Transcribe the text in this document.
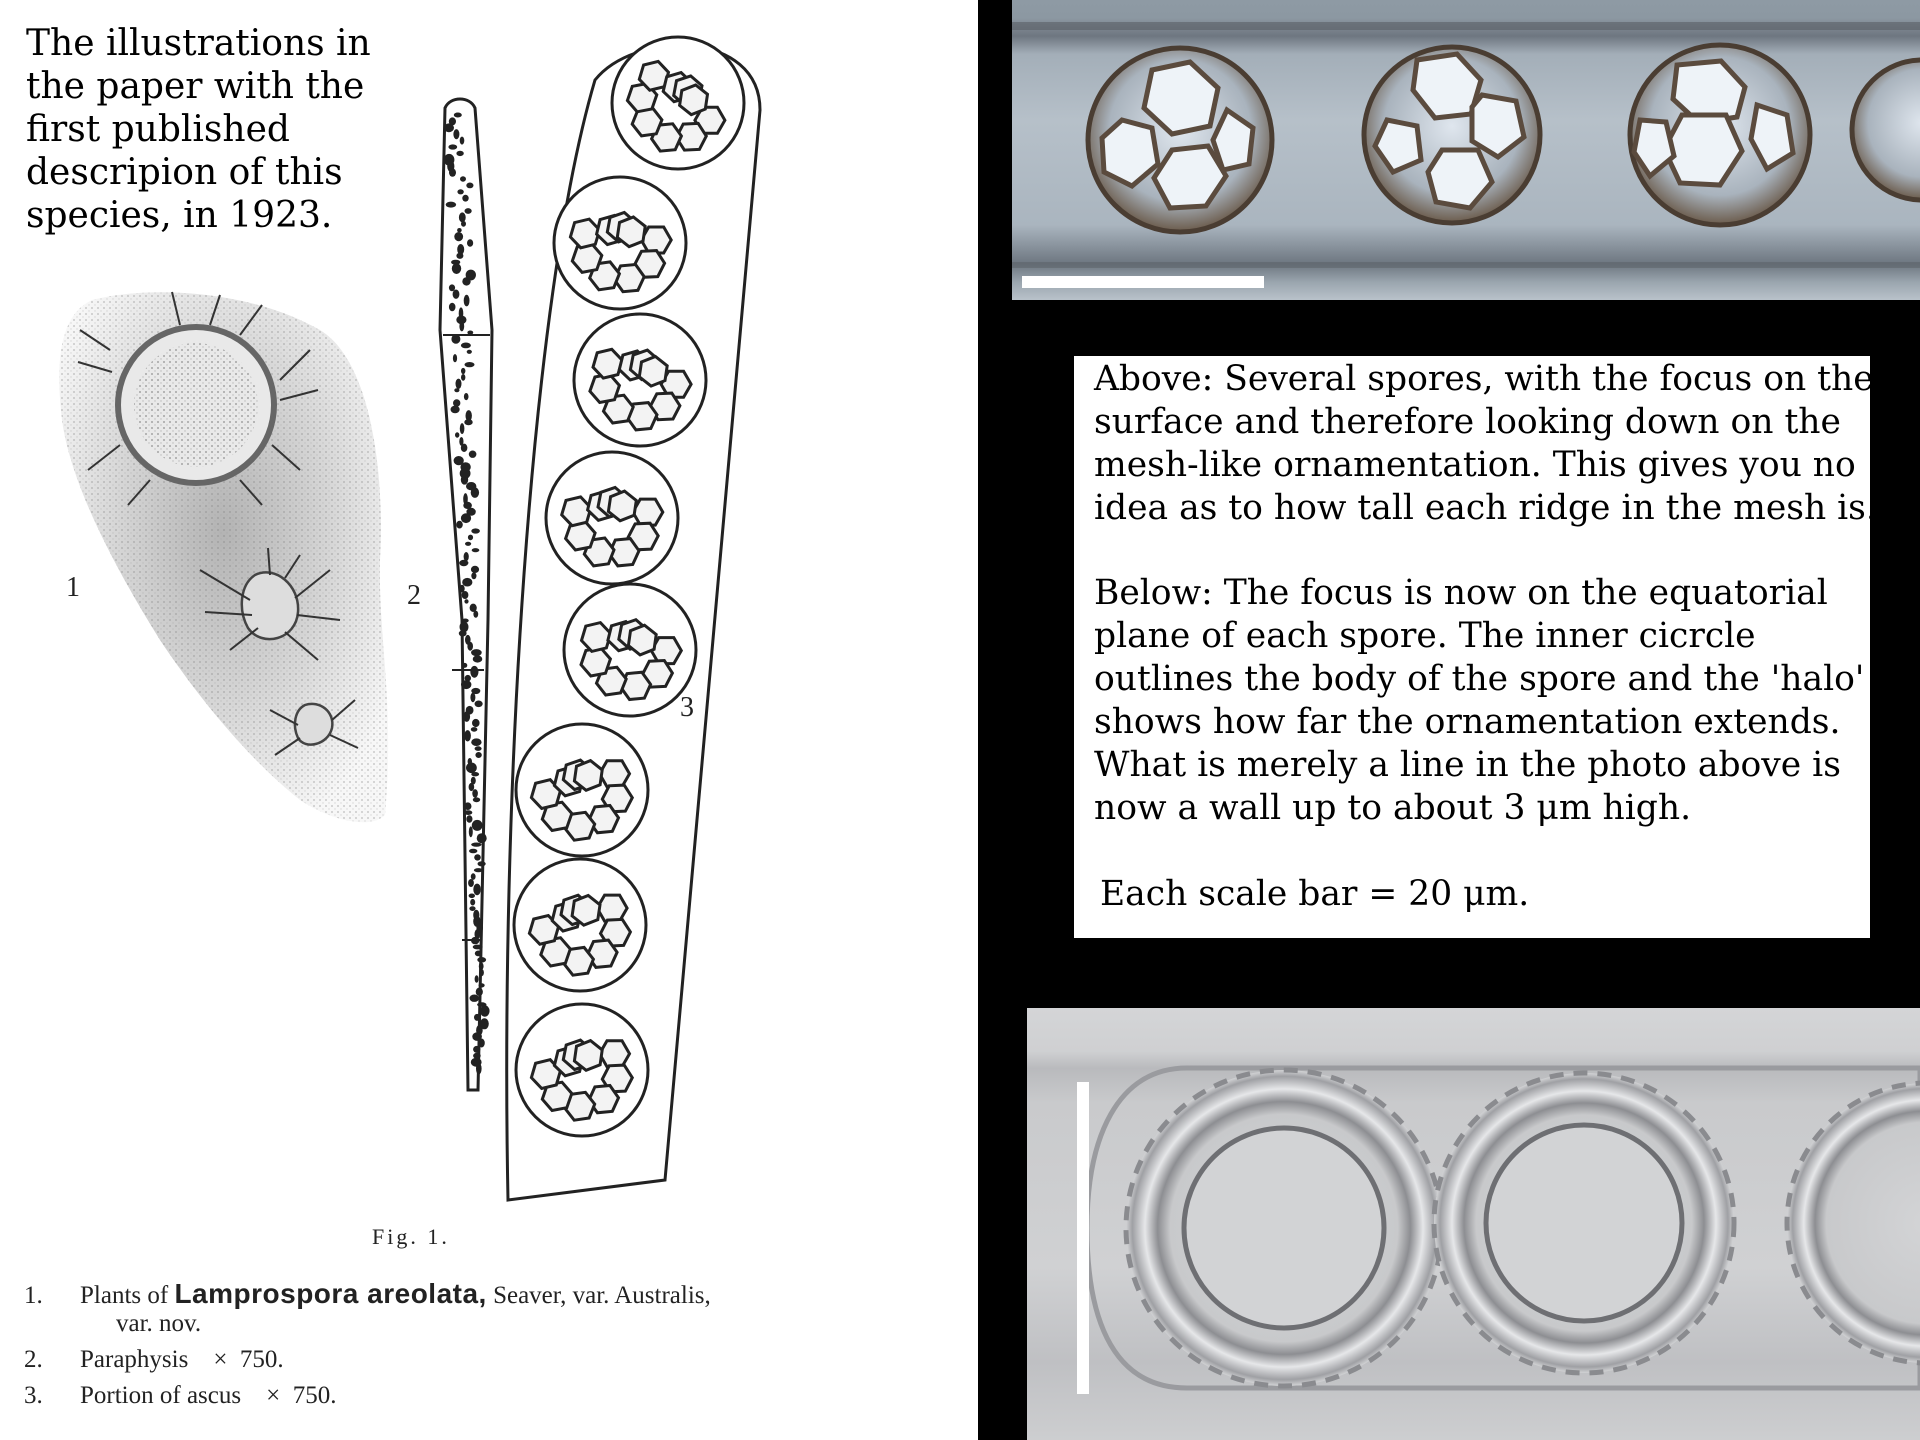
The illustrations in
the paper with the
first published
descripion of this
species, in 1923.
1	2
3
Fig. 1.
1. Plants of Lamprospora areolata, Seaver, var. Australis,
var. nov.
2. Paraphysis    ×  750.
3. Portion of ascus    ×  750.
Above: Several spores, with the focus on the
surface and therefore looking down on the
mesh-like ornamentation. This gives you no
idea as to how tall each ridge in the mesh is.
Below: The focus is now on the equatorial
plane of each spore. The inner cicrcle
outlines the body of the spore and the 'halo'
shows how far the ornamentation extends.
What is merely a line in the photo above is
now a wall up to about 3 μm high.
Each scale bar = 20 μm.
